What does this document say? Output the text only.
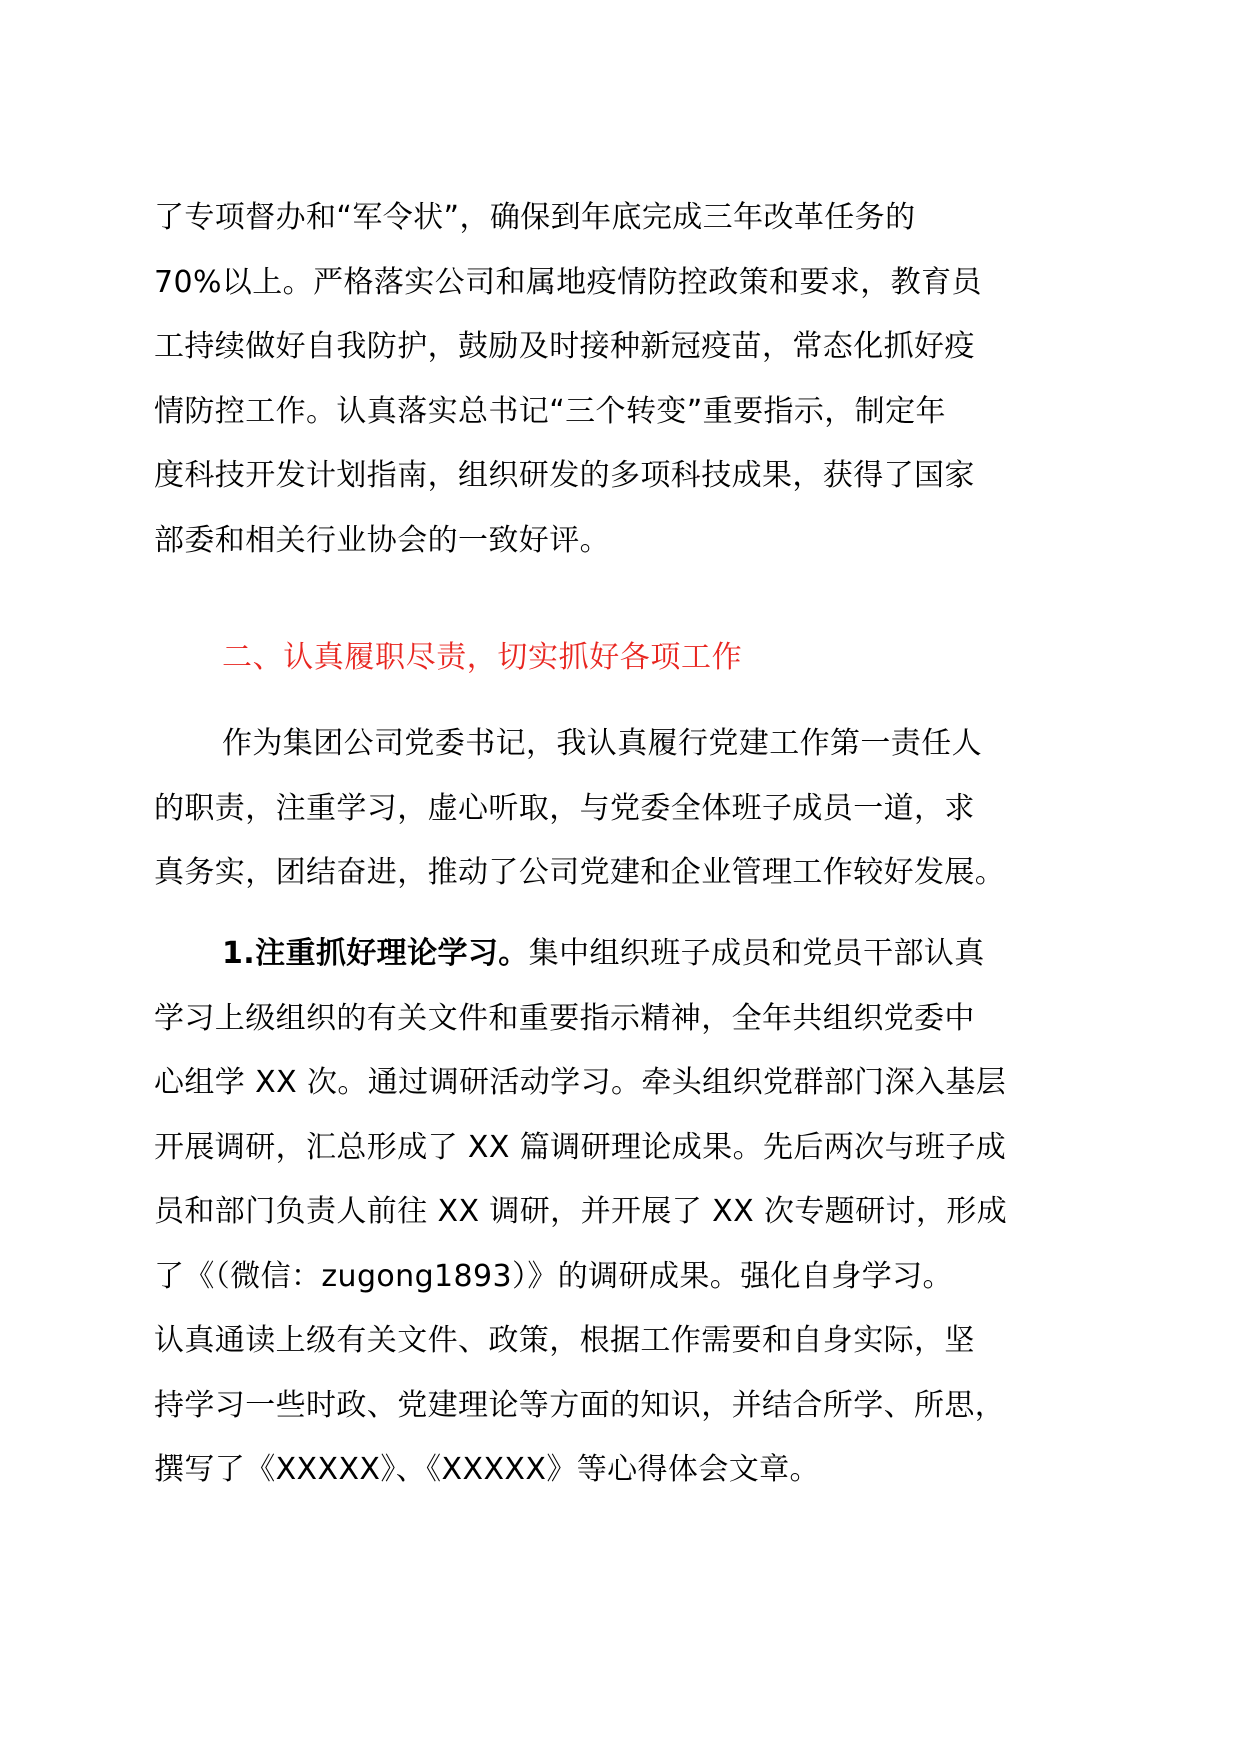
了专项督办和“军令状”，确保到年底完成三年改革任务的
70%以上。严格落实公司和属地疫情防控政策和要求，教育员
工持续做好自我防护，鼓励及时接种新冠疫苗，常态化抓好疫
情防控工作。认真落实总书记“三个转变”重要指示，制定年
度科技开发计划指南，组织研发的多项科技成果，获得了国家
部委和相关行业协会的一致好评。
二、认真履职尽责，切实抓好各项工作
作为集团公司党委书记，我认真履行党建工作第一责任人
的职责，注重学习，虚心听取，与党委全体班子成员一道，求
真务实，团结奋进，推动了公司党建和企业管理工作较好发展。
1.注重抓好理论学习。集中组织班子成员和党员干部认真
学习上级组织的有关文件和重要指示精神，全年共组织党委中
心组学 XX 次。通过调研活动学习。牵头组织党群部门深入基层
开展调研，汇总形成了 XX 篇调研理论成果。先后两次与班子成
员和部门负责人前往 XX 调研，并开展了 XX 次专题研讨，形成
了《（微信：zugong1893）》的调研成果。强化自身学习。
认真通读上级有关文件、政策，根据工作需要和自身实际，坚
持学习一些时政、党建理论等方面的知识，并结合所学、所思，
撰写了《XXXXX》、《XXXXX》等心得体会文章。
